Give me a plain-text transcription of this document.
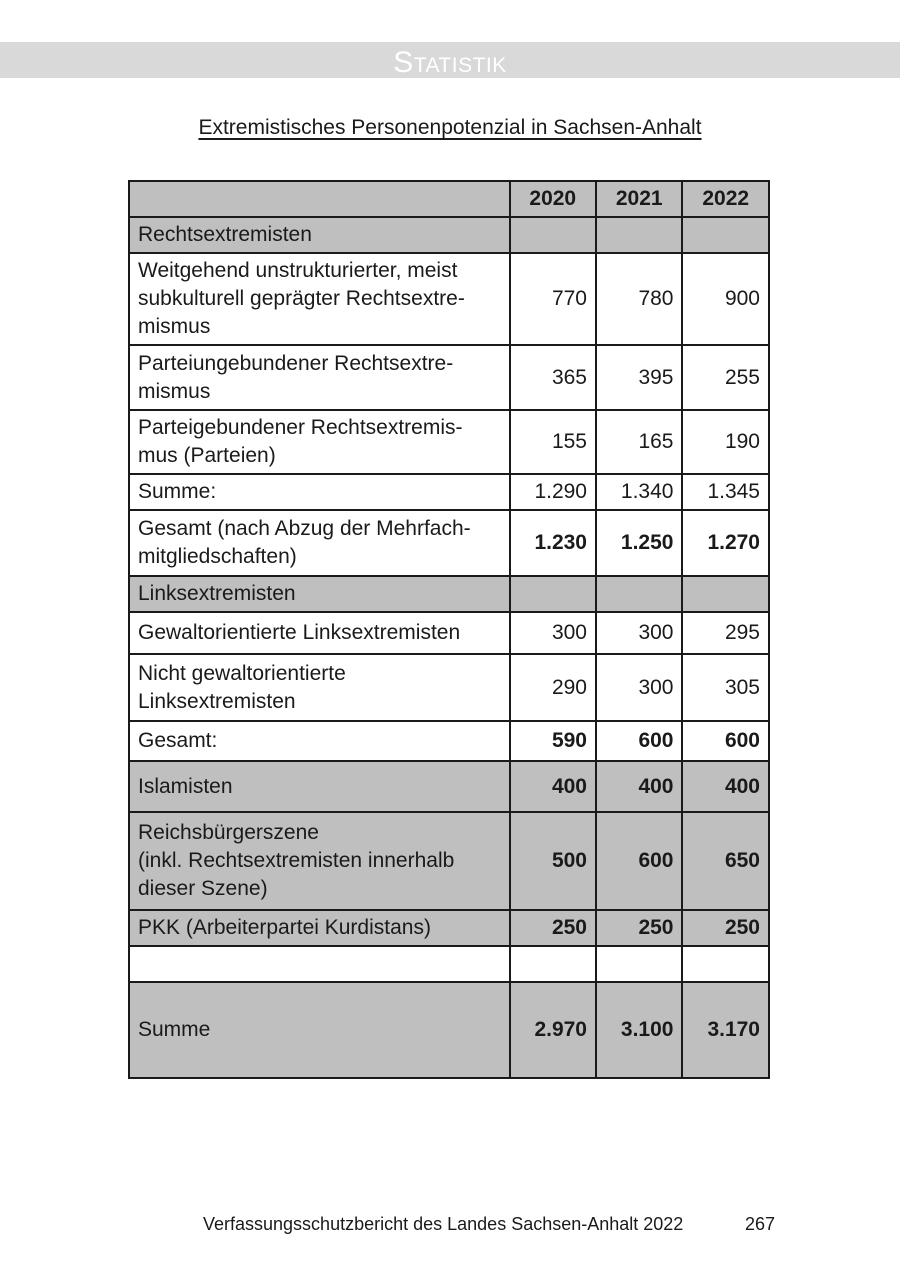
Statistik
Extremistisches Personenpotenzial in Sachsen-Anhalt
	2020	2021	2022
Rechtsextremisten			
Weitgehend unstrukturierter, meist
subkulturell geprägter Rechtsextre-
mismus	770	780	900
Parteiungebundener Rechtsextre-
mismus	365	395	255
Parteigebundener Rechtsextremis-
mus (Parteien)	155	165	190
Summe:	1.290	1.340	1.345
Gesamt (nach Abzug der Mehrfach-
mitgliedschaften)	1.230	1.250	1.270
Linksextremisten			
Gewaltorientierte Linksextremisten	300	300	295
Nicht gewaltorientierte
Linksextremisten	290	300	305
Gesamt:	590	600	600
Islamisten	400	400	400
Reichsbürgerszene
(inkl. Rechtsextremisten innerhalb
dieser Szene)	500	600	650
PKK (Arbeiterpartei Kurdistans)	250	250	250

Summe	2.970	3.100	3.170
Verfassungsschutzbericht des Landes Sachsen-Anhalt 2022	267
